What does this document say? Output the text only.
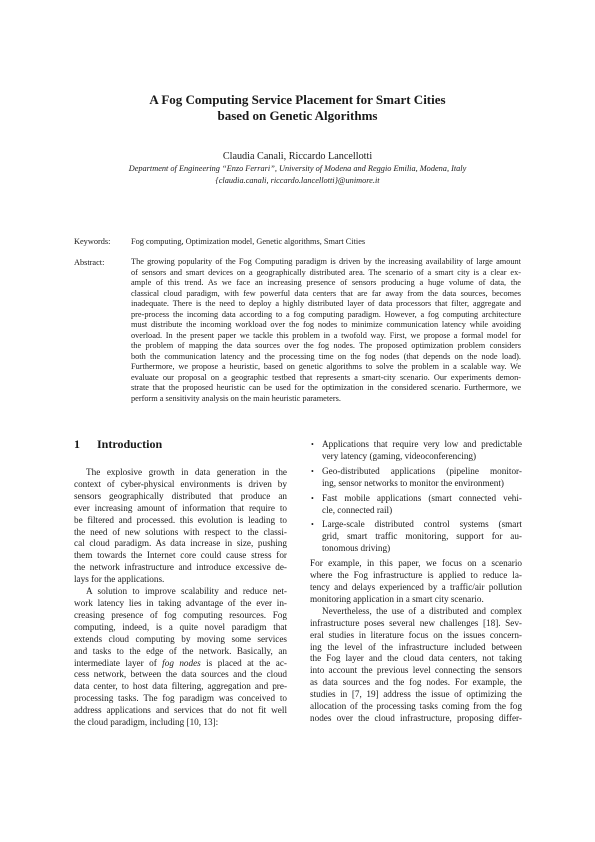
A Fog Computing Service Placement for Smart Cities
based on Genetic Algorithms
Claudia Canali, Riccardo Lancellotti
Department of Engineering “Enzo Ferrari”, University of Modena and Reggio Emilia, Modena, Italy
{claudia.canali, riccardo.lancellotti}@unimore.it
Keywords: Fog computing, Optimization model, Genetic algorithms, Smart Cities
Abstract:	The growing popularity of the Fog Computing paradigm is driven by the increasing availability of large amount
of sensors and smart devices on a geographically distributed area. The scenario of a smart city is a clear ex-
ample of this trend. As we face an increasing presence of sensors producing a huge volume of data, the
classical cloud paradigm, with few powerful data centers that are far away from the data sources, becomes
inadequate. There is the need to deploy a highly distributed layer of data processors that filter, aggregate and
pre-process the incoming data according to a fog computing paradigm. However, a fog computing architecture
must distribute the incoming workload over the fog nodes to minimize communication latency while avoiding
overload. In the present paper we tackle this problem in a twofold way. First, we propose a formal model for
the problem of mapping the data sources over the fog nodes. The proposed optimization problem considers
both the communication latency and the processing time on the fog nodes (that depends on the node load).
Furthermore, we propose a heuristic, based on genetic algorithms to solve the problem in a scalable way. We
evaluate our proposal on a geographic testbed that represents a smart-city scenario. Our experiments demon-
strate that the proposed heuristic can be used for the optimization in the considered scenario. Furthermore, we
perform a sensitivity analysis on the main heuristic parameters.
1 Introduction
The explosive growth in data generation in the
context of cyber-physical environments is driven by
sensors geographically distributed that produce an
ever increasing amount of information that require to
be filtered and processed. this evolution is leading to
the need of new solutions with respect to the classi-
cal cloud paradigm. As data increase in size, pushing
them towards the Internet core could cause stress for
the network infrastructure and introduce excessive de-
lays for the applications.
A solution to improve scalability and reduce net-
work latency lies in taking advantage of the ever in-
creasing presence of fog computing resources. Fog
computing, indeed, is a quite novel paradigm that
extends cloud computing by moving some services
and tasks to the edge of the network. Basically, an
intermediate layer of fog nodes is placed at the ac-
cess network, between the data sources and the cloud
data center, to host data filtering, aggregation and pre-
processing tasks. The fog paradigm was conceived to
address applications and services that do not fit well
the cloud paradigm, including [10, 13]:
• Applications that require very low and predictable
very latency (gaming, videoconferencing)
• Geo-distributed applications (pipeline monitor-
ing, sensor networks to monitor the environment)
• Fast mobile applications (smart connected vehi-
cle, connected rail)
• Large-scale distributed control systems (smart
grid, smart traffic monitoring, support for au-
tonomous driving)
For example, in this paper, we focus on a scenario
where the Fog infrastructure is applied to reduce la-
tency and delays experienced by a traffic/air pollution
monitoring application in a smart city scenario.
Nevertheless, the use of a distributed and complex
infrastructure poses several new challenges [18]. Sev-
eral studies in literature focus on the issues concern-
ing the level of the infrastructure included between
the Fog layer and the cloud data centers, not taking
into account the previous level connecting the sensors
as data sources and the fog nodes. For example, the
studies in [7, 19] address the issue of optimizing the
allocation of the processing tasks coming from the fog
nodes over the cloud infrastructure, proposing differ-
